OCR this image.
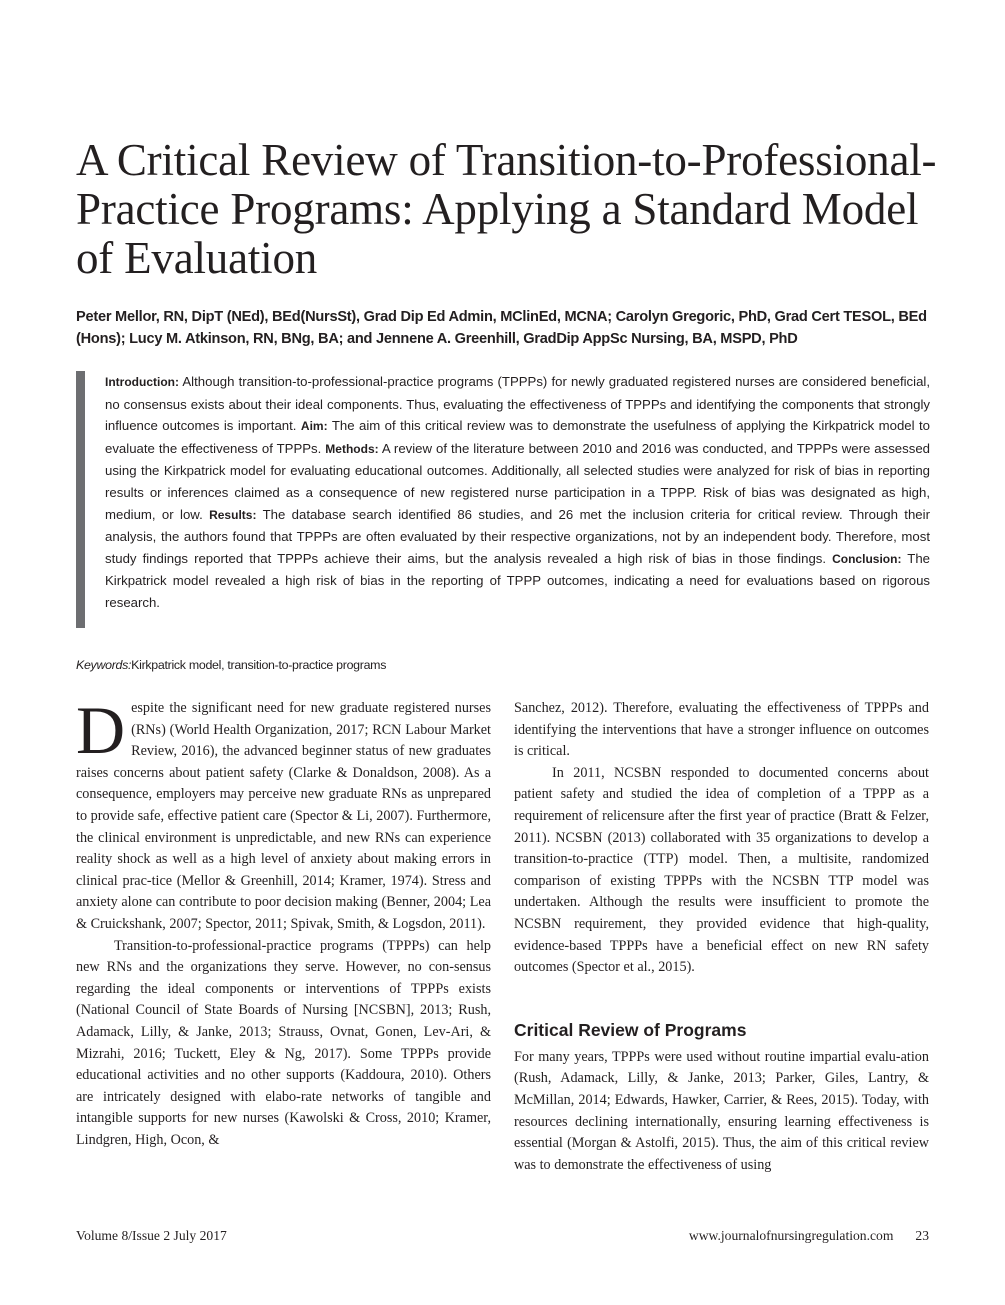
A Critical Review of Transition-to-Professional-Practice Programs: Applying a Standard Model of Evaluation

Peter Mellor, RN, DipT (NEd), BEd(NursSt), Grad Dip Ed Admin, MClinEd, MCNA; Carolyn Gregoric, PhD, Grad Cert TESOL, BEd (Hons); Lucy M. Atkinson, RN, BNg, BA; and Jennene A. Greenhill, GradDip AppSc Nursing, BA, MSPD, PhD

Introduction: Although transition-to-professional-practice programs (TPPPs) for newly graduated registered nurses are considered beneficial, no consensus exists about their ideal components. Thus, evaluating the effectiveness of TPPPs and identifying the components that strongly influence outcomes is important. Aim: The aim of this critical review was to demonstrate the usefulness of applying the Kirkpatrick model to evaluate the effectiveness of TPPPs. Methods: A review of the literature between 2010 and 2016 was conducted, and TPPPs were assessed using the Kirkpatrick model for evaluating educational outcomes. Additionally, all selected studies were analyzed for risk of bias in reporting results or inferences claimed as a consequence of new registered nurse participation in a TPPP. Risk of bias was designated as high, medium, or low. Results: The database search identified 86 studies, and 26 met the inclusion criteria for critical review. Through their analysis, the authors found that TPPPs are often evaluated by their respective organizations, not by an independent body. Therefore, most study findings reported that TPPPs achieve their aims, but the analysis revealed a high risk of bias in those findings. Conclusion: The Kirkpatrick model revealed a high risk of bias in the reporting of TPPP outcomes, indicating a need for evaluations based on rigorous research.

Keywords:Kirkpatrick model, transition-to-practice programs

Despite the significant need for new graduate registered nurses (RNs) (World Health Organization, 2017; RCN Labour Market Review, 2016), the advanced beginner status of new graduates raises concerns about patient safety (Clarke & Donaldson, 2008). As a consequence, employers may perceive new graduate RNs as unprepared to provide safe, effective patient care (Spector & Li, 2007). Furthermore, the clinical environment is unpredictable, and new RNs can experience reality shock as well as a high level of anxiety about making errors in clinical prac-tice (Mellor & Greenhill, 2014; Kramer, 1974). Stress and anxiety alone can contribute to poor decision making (Benner, 2004; Lea & Cruickshank, 2007; Spector, 2011; Spivak, Smith, & Logsdon, 2011).

Transition-to-professional-practice programs (TPPPs) can help new RNs and the organizations they serve. However, no con-sensus regarding the ideal components or interventions of TPPPs exists (National Council of State Boards of Nursing [NCSBN], 2013; Rush, Adamack, Lilly, & Janke, 2013; Strauss, Ovnat, Gonen, Lev-Ari, & Mizrahi, 2016; Tuckett, Eley & Ng, 2017). Some TPPPs provide educational activities and no other supports (Kaddoura, 2010). Others are intricately designed with elabo-rate networks of tangible and intangible supports for new nurses (Kawolski & Cross, 2010; Kramer, Lindgren, High, Ocon, &

Sanchez, 2012). Therefore, evaluating the effectiveness of TPPPs and identifying the interventions that have a stronger influence on outcomes is critical.

In 2011, NCSBN responded to documented concerns about patient safety and studied the idea of completion of a TPPP as a requirement of relicensure after the first year of practice (Bratt & Felzer, 2011). NCSBN (2013) collaborated with 35 organizations to develop a transition-to-practice (TTP) model. Then, a multisite, randomized comparison of existing TPPPs with the NCSBN TTP model was undertaken. Although the results were insufficient to promote the NCSBN requirement, they provided evidence that high-quality, evidence-based TPPPs have a beneficial effect on new RN safety outcomes (Spector et al., 2015).

Critical Review of Programs

For many years, TPPPs were used without routine impartial evalu-ation (Rush, Adamack, Lilly, & Janke, 2013; Parker, Giles, Lantry, & McMillan, 2014; Edwards, Hawker, Carrier, & Rees, 2015). Today, with resources declining internationally, ensuring learning effectiveness is essential (Morgan & Astolfi, 2015). Thus, the aim of this critical review was to demonstrate the effectiveness of using

Volume 8/Issue 2 July 2017	www.journalofnursingregulation.com 23
